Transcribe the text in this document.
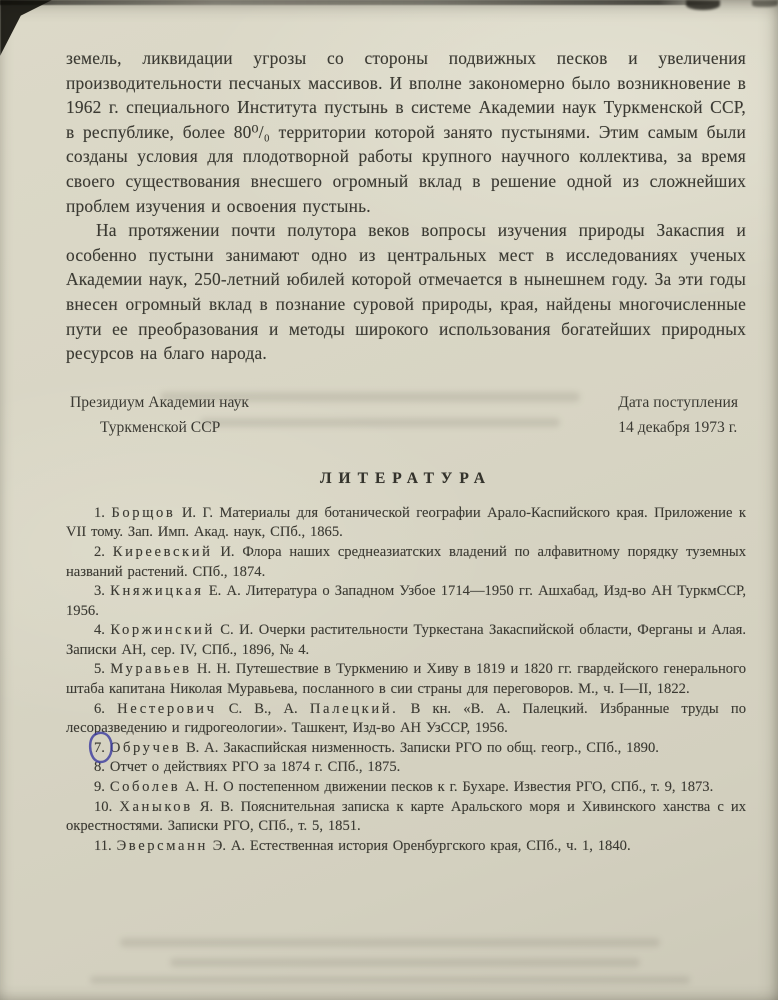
земель, ликвидации угрозы со стороны подвижных песков и увеличения производительности песчаных массивов. И вполне закономерно было возникновение в 1962 г. специального Института пустынь в системе Академии наук Туркменской ССР, в республике, более 80⁰/₀ территории которой занято пустынями. Этим самым были созданы условия для плодотворной работы крупного научного коллектива, за время своего существования внесшего огромный вклад в решение одной из сложнейших проблем изучения и освоения пустынь.

На протяжении почти полутора веков вопросы изучения природы Закаспия и особенно пустыни занимают одно из центральных мест в исследованиях ученых Академии наук, 250-летний юбилей которой отмечается в нынешнем году. За эти годы внесен огромный вклад в познание суровой природы, края, найдены многочисленные пути ее преобразования и методы широкого использования богатейших природных ресурсов на благо народа.

Президиум Академии наук
Туркменской ССР
Дата поступления
14 декабря 1973 г.
ЛИТЕРАТУРА

1. Борщов И. Г. Материалы для ботанической географии Арало-Каспийского края. Приложение к VII тому. Зап. Имп. Акад. наук, СПб., 1865.

2. Киреевский И. Флора наших среднеазиатских владений по алфавитному порядку туземных названий растений. СПб., 1874.

3. Княжицкая Е. А. Литература о Западном Узбое 1714—1950 гг. Ашхабад, Изд-во АН ТуркмССР, 1956.

4. Коржинский С. И. Очерки растительности Туркестана Закаспийской области, Ферганы и Алая. Записки АН, сер. IV, СПб., 1896, № 4.

5. Муравьев Н. Н. Путешествие в Туркмению и Хиву в 1819 и 1820 гг. гвардейского генерального штаба капитана Николая Муравьева, посланного в сии страны для переговоров. М., ч. I—II, 1822.

6. Нестерович С. В., А. Палецкий. В кн. «В. А. Палецкий. Избранные труды по лесоразведению и гидрогеологии». Ташкент, Изд-во АН УзССР, 1956.

7. Обручев В. А. Закаспийская низменность. Записки РГО по общ. геогр., СПб., 1890.

8. Отчет о действиях РГО за 1874 г. СПб., 1875.

9. Соболев А. Н. О постепенном движении песков к г. Бухаре. Известия РГО, СПб., т. 9, 1873.

10. Ханыков Я. В. Пояснительная записка к карте Аральского моря и Хивинского ханства с их окрестностями. Записки РГО, СПб., т. 5, 1851.

11. Эверсманн Э. А. Естественная история Оренбургского края, СПб., ч. 1, 1840.
